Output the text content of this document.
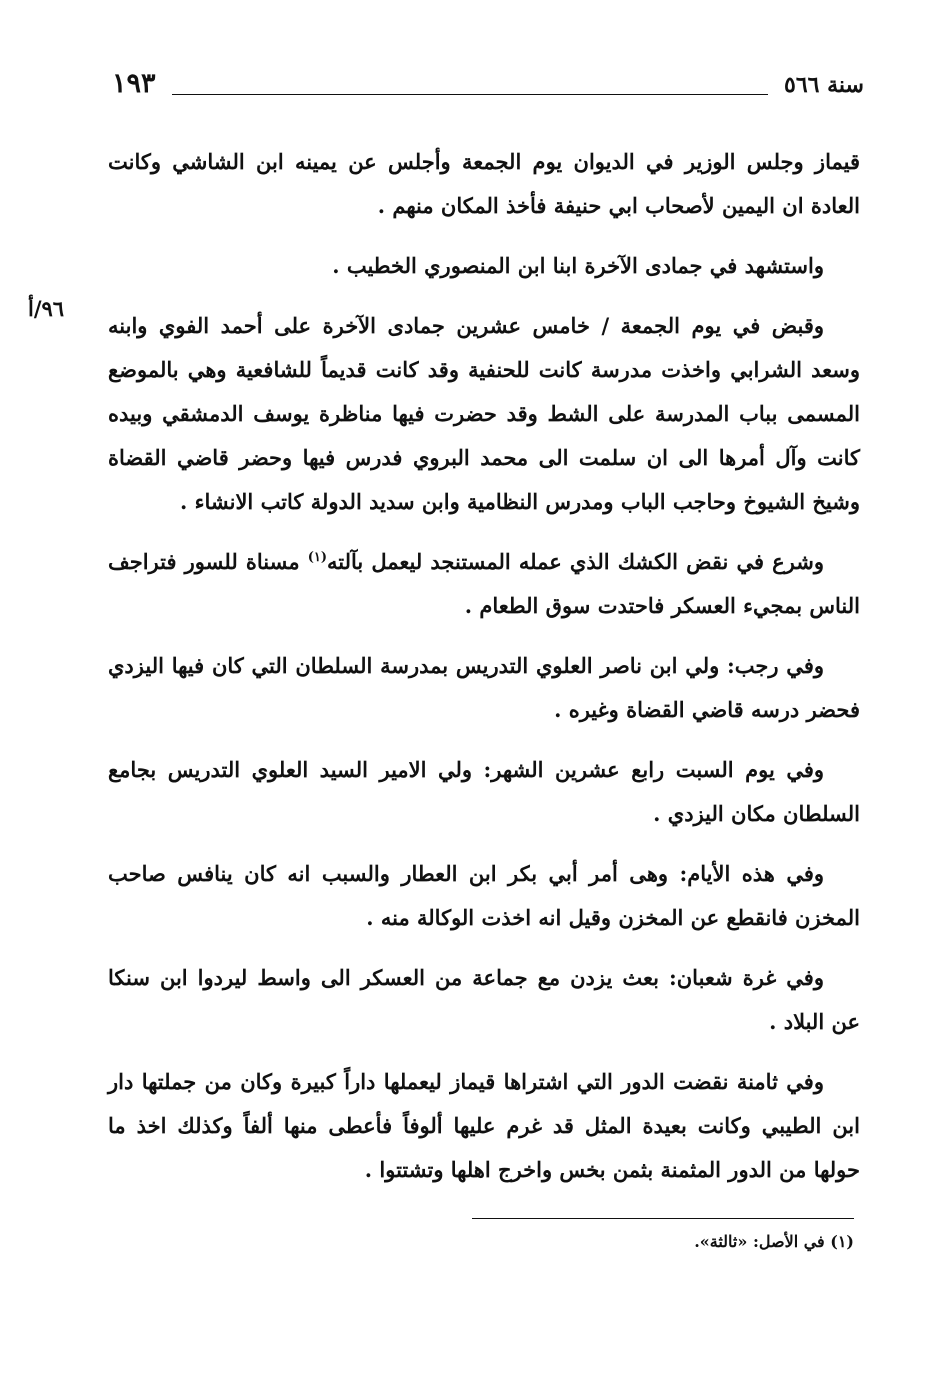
١٩٣	سنة ٥٦٦
٩٦/أ

قيماز وجلس الوزير في الديوان يوم الجمعة وأجلس عن يمينه ابن الشاشي وكانت العادة ان اليمين لأصحاب ابي حنيفة فأخذ المكان منهم .

واستشهد في جمادى الآخرة ابنا ابن المنصوري الخطيب .

وقبض في يوم الجمعة / خامس عشرين جمادى الآخرة على أحمد الفوي وابنه وسعد الشرابي واخذت مدرسة كانت للحنفية وقد كانت قديماً للشافعية وهي بالموضع المسمى بباب المدرسة على الشط وقد حضرت فيها مناظرة يوسف الدمشقي وبيده كانت وآل أمرها الى ان سلمت الى محمد البروي فدرس فيها وحضر قاضي القضاة وشيخ الشيوخ وحاجب الباب ومدرس النظامية وابن سديد الدولة كاتب الانشاء .

وشرع في نقض الكشك الذي عمله المستنجد ليعمل بآلته$^{(١)}$ مسناة للسور فتراجف الناس بمجيء العسكر فاحتدت سوق الطعام .

وفي رجب: ولي ابن ناصر العلوي التدريس بمدرسة السلطان التي كان فيها اليزدي فحضر درسه قاضي القضاة وغيره .

وفي يوم السبت رابع عشرين الشهر: ولي الامير السيد العلوي التدريس بجامع السلطان مكان اليزدي .

وفي هذه الأيام: وهى أمر أبي بكر ابن العطار والسبب انه كان ينافس صاحب المخزن فانقطع عن المخزن وقيل انه اخذت الوكالة منه .

وفي غرة شعبان: بعث يزدن مع جماعة من العسكر الى واسط ليردوا ابن سنكا عن البلاد .

وفي ثامنة نقضت الدور التي اشتراها قيماز ليعملها داراً كبيرة وكان من جملتها دار ابن الطيبي وكانت بعيدة المثل قد غرم عليها ألوفاً فأعطى منها ألفاً وكذلك اخذ ما حولها من الدور المثمنة بثمن بخس واخرج اهلها وتشتتوا .

(١) في الأصل: «ثالثة».
